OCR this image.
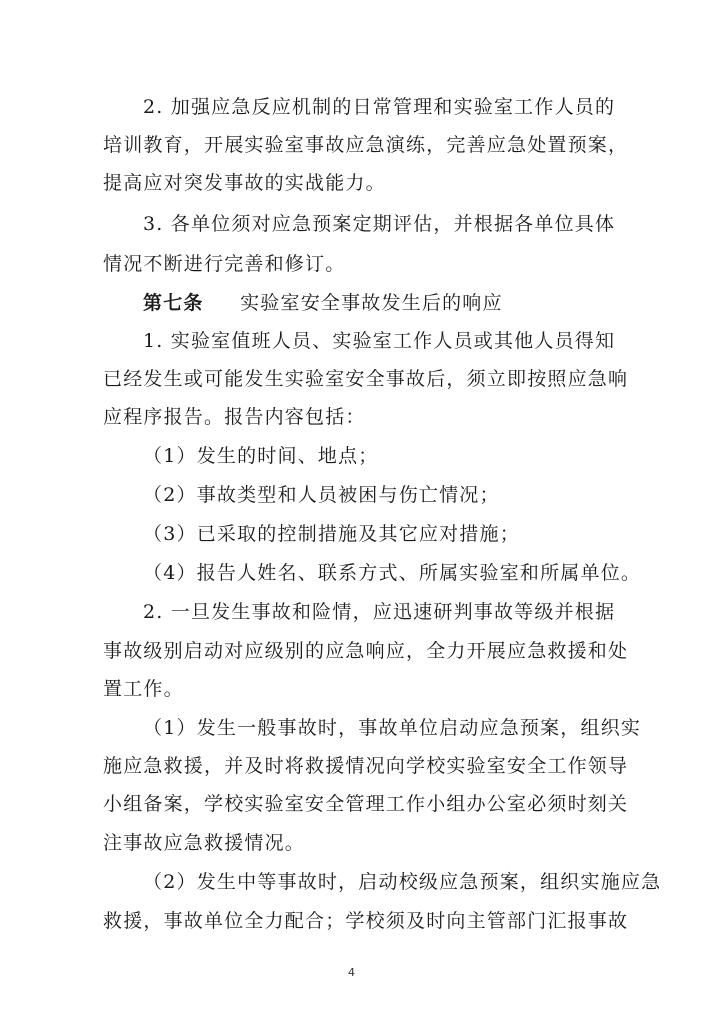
2. 加强应急反应机制的日常管理和实验室工作人员的
培训教育，开展实验室事故应急演练，完善应急处置预案，
提高应对突发事故的实战能力。
3. 各单位须对应急预案定期评估，并根据各单位具体
情况不断进行完善和修订。
第七条 实验室安全事故发生后的响应
1. 实验室值班人员、实验室工作人员或其他人员得知
已经发生或可能发生实验室安全事故后，须立即按照应急响
应程序报告。报告内容包括：
（1）发生的时间、地点；
（2）事故类型和人员被困与伤亡情况；
（3）已采取的控制措施及其它应对措施；
（4）报告人姓名、联系方式、所属实验室和所属单位。
2. 一旦发生事故和险情，应迅速研判事故等级并根据
事故级别启动对应级别的应急响应，全力开展应急救援和处
置工作。
（1）发生一般事故时，事故单位启动应急预案，组织实
施应急救援，并及时将救援情况向学校实验室安全工作领导
小组备案，学校实验室安全管理工作小组办公室必须时刻关
注事故应急救援情况。
（2）发生中等事故时，启动校级应急预案，组织实施应急
救援，事故单位全力配合；学校须及时向主管部门汇报事故
4
